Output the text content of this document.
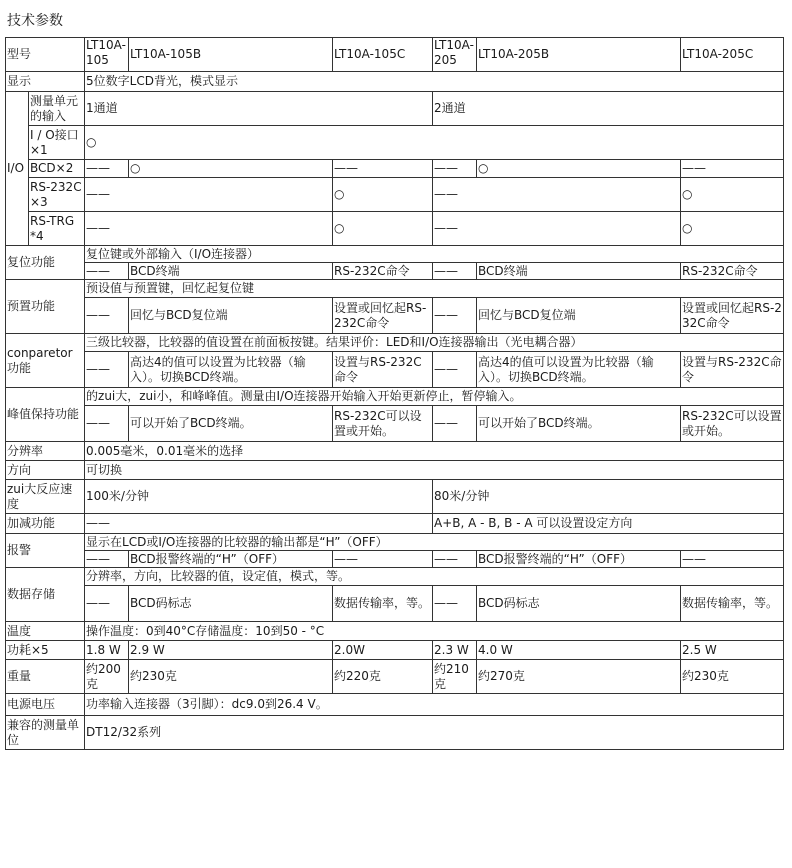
技术参数
型号		LT10A-105	LT10A-105B	LT10A-105C	LT10A-205	LT10A-205B	LT10A-205C
显示		5位数字LCD背光，模式显示					
I/O	测量单元的输入	1通道			2通道		
	I / O接口×1	○					
	BCD×2	——	○	——	——	○	——
	RS-232C×3	——		○	——		○
	RS-TRG *4	——		○	——		○
复位功能		复位键或外部输入（I/O连接器）					
		——	BCD终端	RS-232C命令	——	BCD终端	RS-232C命令
预置功能		预设值与预置键，回忆起复位键					
		——	回忆与BCD复位端	设置或回忆起RS-232C命令	——	回忆与BCD复位端	设置或回忆起RS-232C命令
conparetor功能		三级比较器，比较器的值设置在前面板按键。结果评价：LED和I/O连接器输出（光电耦合器）					
		——	高达4的值可以设置为比较器（输入）。切换BCD终端。	设置与RS-232C命令	——	高达4的值可以设置为比较器（输入）。切换BCD终端。	设置与RS-232C命令
峰值保持功能		的zui大，zui小，和峰峰值。测量由I/O连接器开始输入开始更新停止，暂停输入。					
		——	可以开始了BCD终端。	RS-232C可以设置或开始。	——	可以开始了BCD终端。	RS-232C可以设置或开始。
分辨率		0.005毫米，0.01毫米的选择					
方向		可切换					
zui大反应速度		100米/分钟			80米/分钟		
加减功能		——			A+B, A - B, B - A 可以设置设定方向		
报警		显示在LCD或I/O连接器的比较器的输出都是“H”（OFF）					
		——	BCD报警终端的“H”（OFF）	——	——	BCD报警终端的“H”（OFF）	——
数据存储		分辨率，方向，比较器的值，设定值，模式，等。					
		——	BCD码标志	数据传输率，等。	——	BCD码标志	数据传输率，等。
温度		操作温度：0到40°C存储温度：10到50 - °C					
功耗×5		1.8 W	2.9 W	2.0W	2.3 W	4.0 W	2.5 W
重量		约200克	约230克	约220克	约210克	约270克	约230克
电源电压		功率输入连接器（3引脚）：dc9.0到26.4 V。					
兼容的测量单位		DT12/32系列					
